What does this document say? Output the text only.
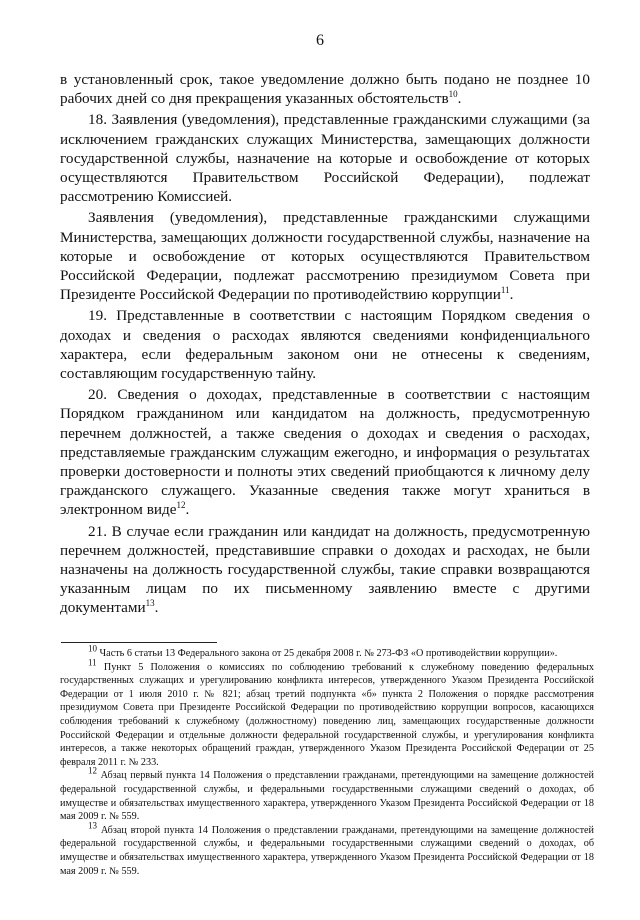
6

в установленный срок, такое уведомление должно быть подано не позднее 10 рабочих дней со дня прекращения указанных обстоятельств$^{10}$.

18. Заявления (уведомления), представленные гражданскими служащими (за исключением гражданских служащих Министерства, замещающих должности государственной службы, назначение на которые и освобождение от которых осуществляются Правительством Российской Федерации), подлежат рассмотрению Комиссией.

Заявления (уведомления), представленные гражданскими служащими Министерства, замещающих должности государственной службы, назначение на которые и освобождение от которых осуществляются Правительством Российской Федерации, подлежат рассмотрению президиумом Совета при Президенте Российской Федерации по противодействию коррупции$^{11}$.

19. Представленные в соответствии с настоящим Порядком сведения о доходах и сведения о расходах являются сведениями конфиденциального характера, если федеральным законом они не отнесены к сведениям, составляющим государственную тайну.

20. Сведения о доходах, представленные в соответствии с настоящим Порядком гражданином или кандидатом на должность, предусмотренную перечнем должностей, а также сведения о доходах и сведения о расходах, представляемые гражданским служащим ежегодно, и информация о результатах проверки достоверности и полноты этих сведений приобщаются к личному делу гражданского служащего. Указанные сведения также могут храниться в электронном виде$^{12}$.

21. В случае если гражданин или кандидат на должность, предусмотренную перечнем должностей, представившие справки о доходах и расходах, не были назначены на должность государственной службы, такие справки возвращаются указанным лицам по их письменному заявлению вместе с другими документами$^{13}$.

$^{10}$ Часть 6 статьи 13 Федерального закона от 25 декабря 2008 г. № 273-ФЗ «О противодействии коррупции».

$^{11}$ Пункт 5 Положения о комиссиях по соблюдению требований к служебному поведению федеральных государственных служащих и урегулированию конфликта интересов, утвержденного Указом Президента Российской Федерации от 1 июля 2010 г. № 821; абзац третий подпункта «б» пункта 2 Положения о порядке рассмотрения президиумом Совета при Президенте Российской Федерации по противодействию коррупции вопросов, касающихся соблюдения требований к служебному (должностному) поведению лиц, замещающих государственные должности Российской Федерации и отдельные должности федеральной государственной службы, и урегулирования конфликта интересов, а также некоторых обращений граждан, утвержденного Указом Президента Российской Федерации от 25 февраля 2011 г. № 233.

$^{12}$ Абзац первый пункта 14 Положения о представлении гражданами, претендующими на замещение должностей федеральной государственной службы, и федеральными государственными служащими сведений о доходах, об имуществе и обязательствах имущественного характера, утвержденного Указом Президента Российской Федерации от 18 мая 2009 г. № 559.

$^{13}$ Абзац второй пункта 14 Положения о представлении гражданами, претендующими на замещение должностей федеральной государственной службы, и федеральными государственными служащими сведений о доходах, об имуществе и обязательствах имущественного характера, утвержденного Указом Президента Российской Федерации от 18 мая 2009 г. № 559.
